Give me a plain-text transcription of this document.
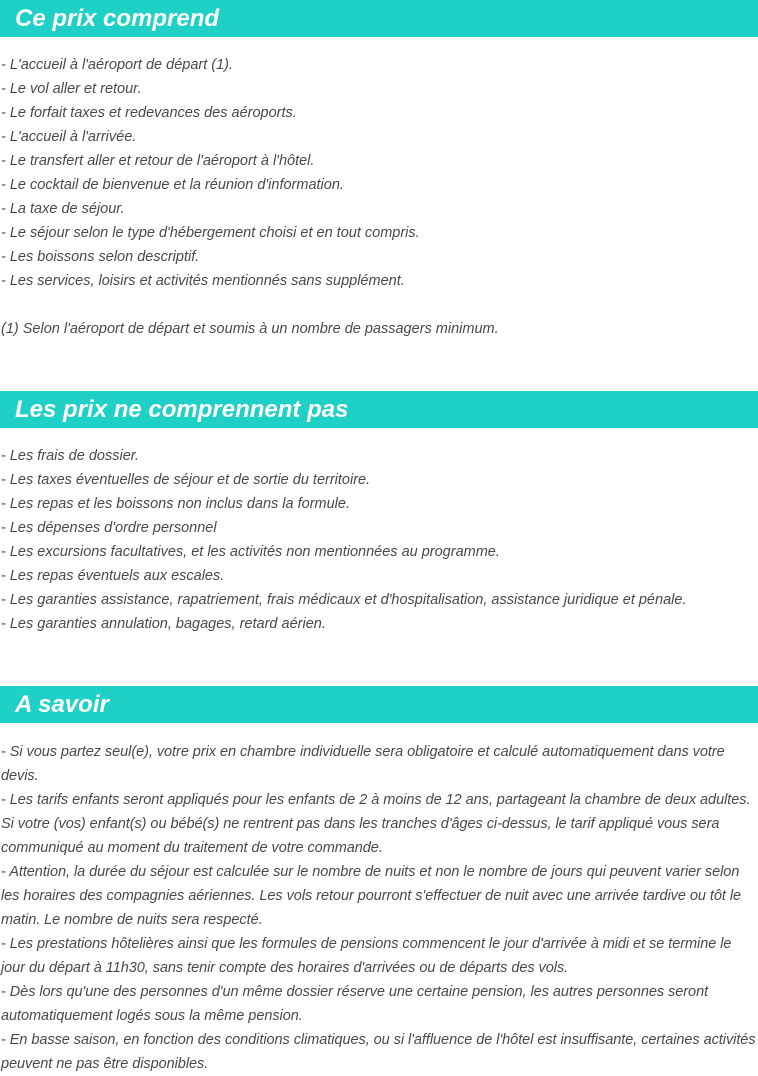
Ce prix comprend
- L'accueil à l'aéroport de départ (1).
- Le vol aller et retour.
- Le forfait taxes et redevances des aéroports.
- L'accueil à l'arrivée.
- Le transfert aller et retour de l'aéroport à l'hôtel.
- Le cocktail de bienvenue et la réunion d'information.
- La taxe de séjour.
- Le séjour selon le type d'hébergement choisi et en tout compris.
- Les boissons selon descriptif.
- Les services, loisirs et activités mentionnés sans supplément.
(1) Selon l'aéroport de départ et soumis à un nombre de passagers minimum.
Les prix ne comprennent pas
- Les frais de dossier.
- Les taxes éventuelles de séjour et de sortie du territoire.
- Les repas et les boissons non inclus dans la formule.
- Les dépenses d'ordre personnel
- Les excursions facultatives, et les activités non mentionnées au programme.
- Les repas éventuels aux escales.
- Les garanties assistance, rapatriement, frais médicaux et d'hospitalisation, assistance juridique et pénale.
- Les garanties annulation, bagages, retard aérien.
A savoir
- Si vous partez seul(e), votre prix en chambre individuelle sera obligatoire et calculé automatiquement dans votre devis.
- Les tarifs enfants seront appliqués pour les enfants de 2 à moins de 12 ans, partageant la chambre de deux adultes.
Si votre (vos) enfant(s) ou bébé(s) ne rentrent pas dans les tranches d'âges ci-dessus, le tarif appliqué vous sera communiqué au moment du traitement de votre commande.
- Attention, la durée du séjour est calculée sur le nombre de nuits et non le nombre de jours qui peuvent varier selon les horaires des compagnies aériennes. Les vols retour pourront s'effectuer de nuit avec une arrivée tardive ou tôt le matin. Le nombre de nuits sera respecté.
- Les prestations hôtelières ainsi que les formules de pensions commencent le jour d'arrivée à midi et se termine le jour du départ à 11h30, sans tenir compte des horaires d'arrivées ou de départs des vols.
- Dès lors qu'une des personnes d'un même dossier réserve une certaine pension, les autres personnes seront automatiquement logés sous la même pension.
- En basse saison, en fonction des conditions climatiques, ou si l'affluence de l'hôtel est insuffisante, certaines activités peuvent ne pas être disponibles.
